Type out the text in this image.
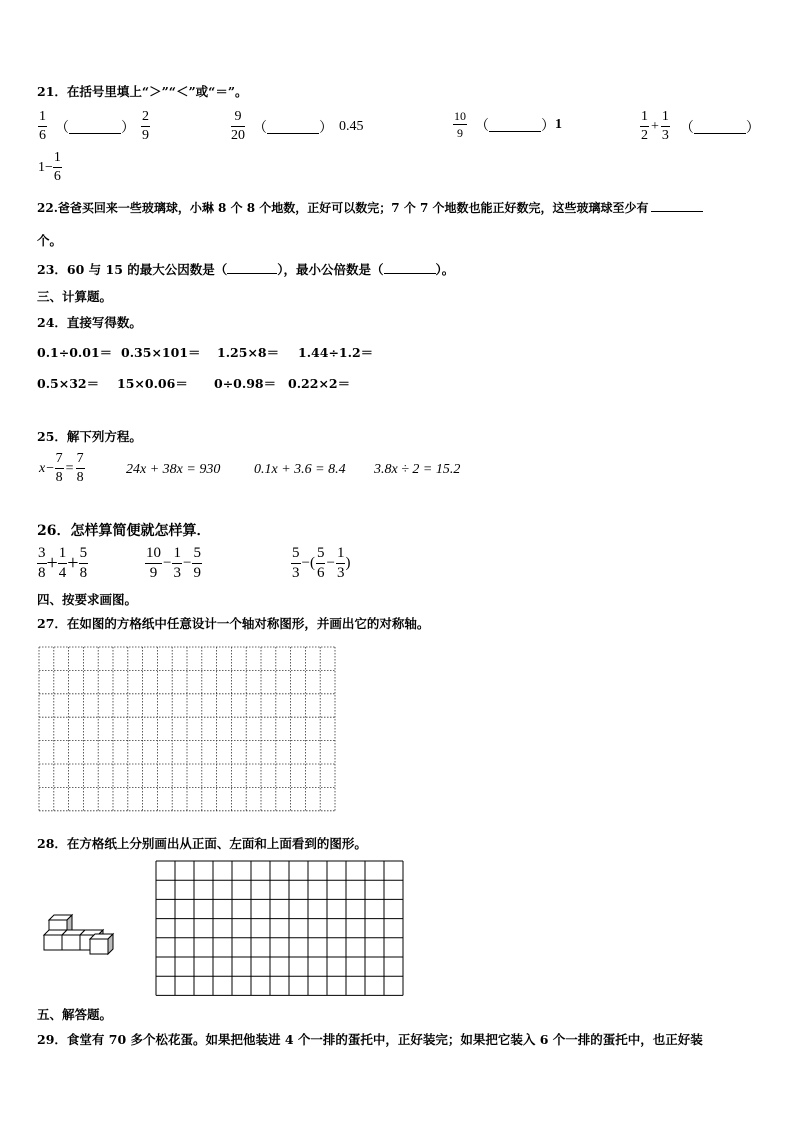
21．在括号里填上“＞”“＜”或“＝”。
$\frac{1}{6}$ （	） $\frac{2}{9}$	$\frac{9}{20}$ （	） 0.45	$\frac{10}{9}$ （	） 1	$\frac{1}{2} + \frac{1}{3}$ （	）
$1- \frac{1}{6}$
22.爸爸买回来一些玻璃球，小琳 8 个 8 个地数，正好可以数完；7 个 7 个地数也能正好数完，这些玻璃球至少有
个。
23．60 与 15 的最大公因数是（	），最小公倍数是（	）。
三、计算题。
24．直接写得数。
0.1÷0.01＝ 0.35×101＝ 1.25×8＝ 1.44÷1.2＝
0.5×32＝ 15×0.06＝ 0÷0.98＝ 0.22×2＝
25．解下列方程。
$x- \frac{7}{8} = \frac{7}{8}$	24x + 38x = 930 0.1x + 3.6 = 8.4 3.8x ÷ 2 = 15.2
26．怎样算简便就怎样算．
$\frac{3}{8} + \frac{1}{4} + \frac{5}{8}$	$\frac{10}{9} - \frac{1}{3} - \frac{5}{9}$	$\frac{5}{3}$ −( $\frac{5}{6} - \frac{1}{3}$ )
四、按要求画图。
27．在如图的方格纸中任意设计一个轴对称图形，并画出它的对称轴。
28．在方格纸上分别画出从正面、左面和上面看到的图形。
五、解答题。
29．食堂有 70 多个松花蛋。如果把他装进 4 个一排的蛋托中，正好装完；如果把它装入 6 个一排的蛋托中，也正好装
